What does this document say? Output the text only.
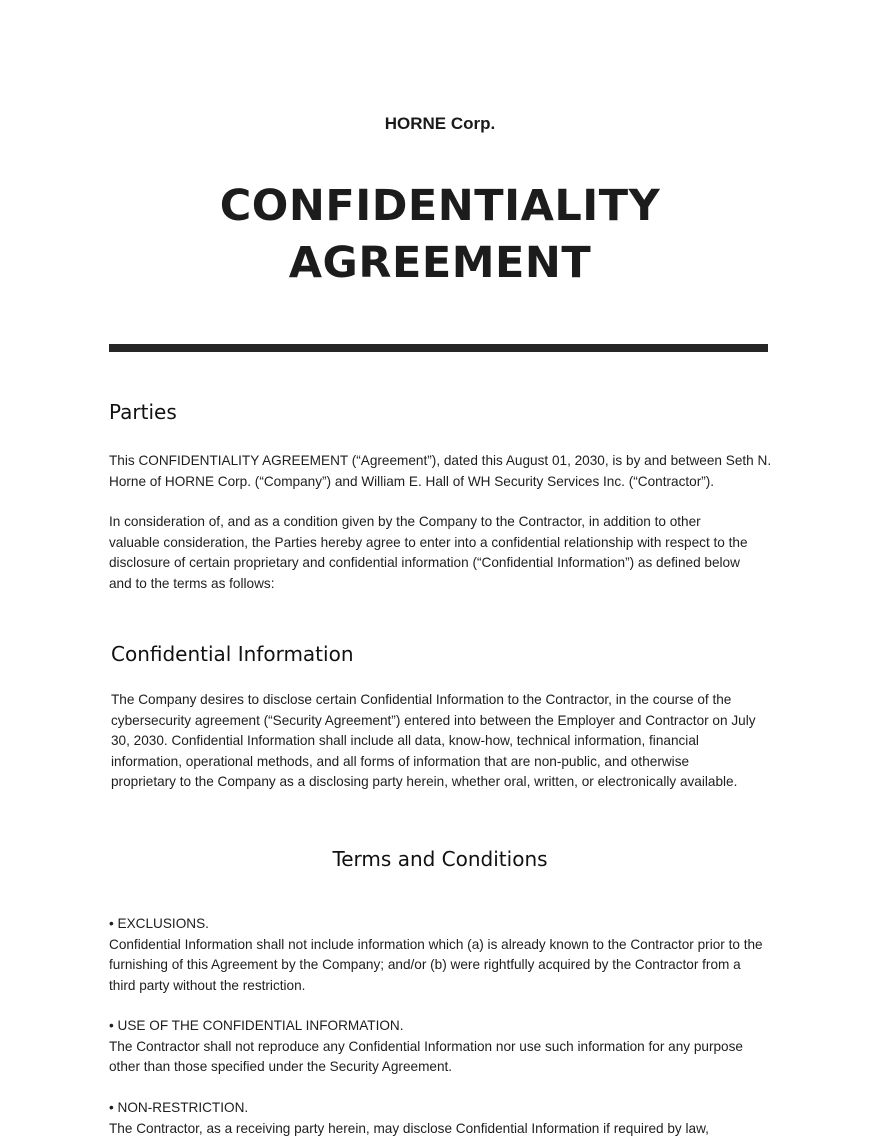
HORNE Corp.
CONFIDENTIALITY
AGREEMENT
Parties
This CONFIDENTIALITY AGREEMENT (“Agreement”), dated this August 01, 2030, is by and between Seth N.
Horne of HORNE Corp. (“Company”) and William E. Hall of WH Security Services Inc. (“Contractor”).
In consideration of, and as a condition given by the Company to the Contractor, in addition to other
valuable consideration, the Parties hereby agree to enter into a confidential relationship with respect to the
disclosure of certain proprietary and confidential information (“Confidential Information”) as defined below
and to the terms as follows:
Confidential Information
The Company desires to disclose certain Confidential Information to the Contractor, in the course of the
cybersecurity agreement (“Security Agreement”) entered into between the Employer and Contractor on July
30, 2030. Confidential Information shall include all data, know-how, technical information, financial
information, operational methods, and all forms of information that are non-public, and otherwise
proprietary to the Company as a disclosing party herein, whether oral, written, or electronically available.
Terms and Conditions
• EXCLUSIONS.
Confidential Information shall not include information which (a) is already known to the Contractor prior to the
furnishing of this Agreement by the Company; and/or (b) were rightfully acquired by the Contractor from a
third party without the restriction.
• USE OF THE CONFIDENTIAL INFORMATION.
The Contractor shall not reproduce any Confidential Information nor use such information for any purpose
other than those specified under the Security Agreement.
• NON-RESTRICTION.
The Contractor, as a receiving party herein, may disclose Confidential Information if required by law,
